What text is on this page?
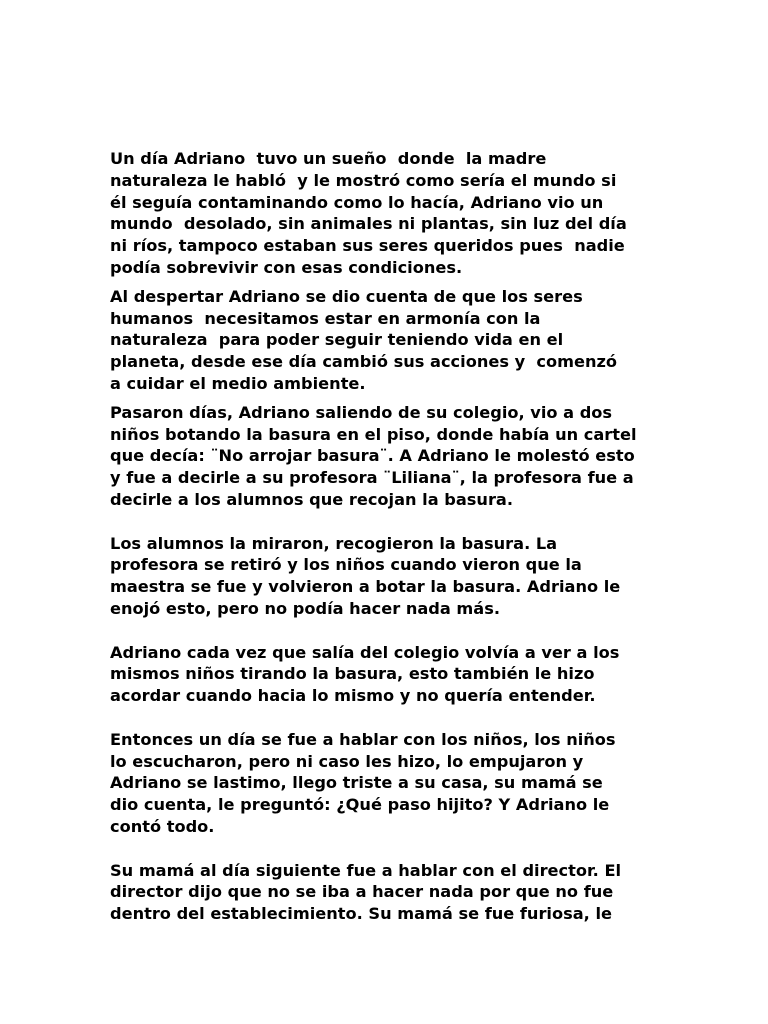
Un día Adriano  tuvo un sueño  donde  la madre
naturaleza le habló  y le mostró como sería el mundo si
él seguía contaminando como lo hacía, Adriano vio un
mundo  desolado, sin animales ni plantas, sin luz del día
ni ríos, tampoco estaban sus seres queridos pues  nadie
podía sobrevivir con esas condiciones.
Al despertar Adriano se dio cuenta de que los seres
humanos  necesitamos estar en armonía con la
naturaleza  para poder seguir teniendo vida en el
planeta, desde ese día cambió sus acciones y  comenzó
a cuidar el medio ambiente.
Pasaron días, Adriano saliendo de su colegio, vio a dos
niños botando la basura en el piso, donde había un cartel
que decía: ¨No arrojar basura¨. A Adriano le molestó esto
y fue a decirle a su profesora ¨Liliana¨, la profesora fue a
decirle a los alumnos que recojan la basura.
Los alumnos la miraron, recogieron la basura. La
profesora se retiró y los niños cuando vieron que la
maestra se fue y volvieron a botar la basura. Adriano le
enojó esto, pero no podía hacer nada más.
Adriano cada vez que salía del colegio volvía a ver a los
mismos niños tirando la basura, esto también le hizo
acordar cuando hacia lo mismo y no quería entender.
Entonces un día se fue a hablar con los niños, los niños
lo escucharon, pero ni caso les hizo, lo empujaron y
Adriano se lastimo, llego triste a su casa, su mamá se
dio cuenta, le preguntó: ¿Qué paso hijito? Y Adriano le
contó todo.
Su mamá al día siguiente fue a hablar con el director. El
director dijo que no se iba a hacer nada por que no fue
dentro del establecimiento. Su mamá se fue furiosa, le
